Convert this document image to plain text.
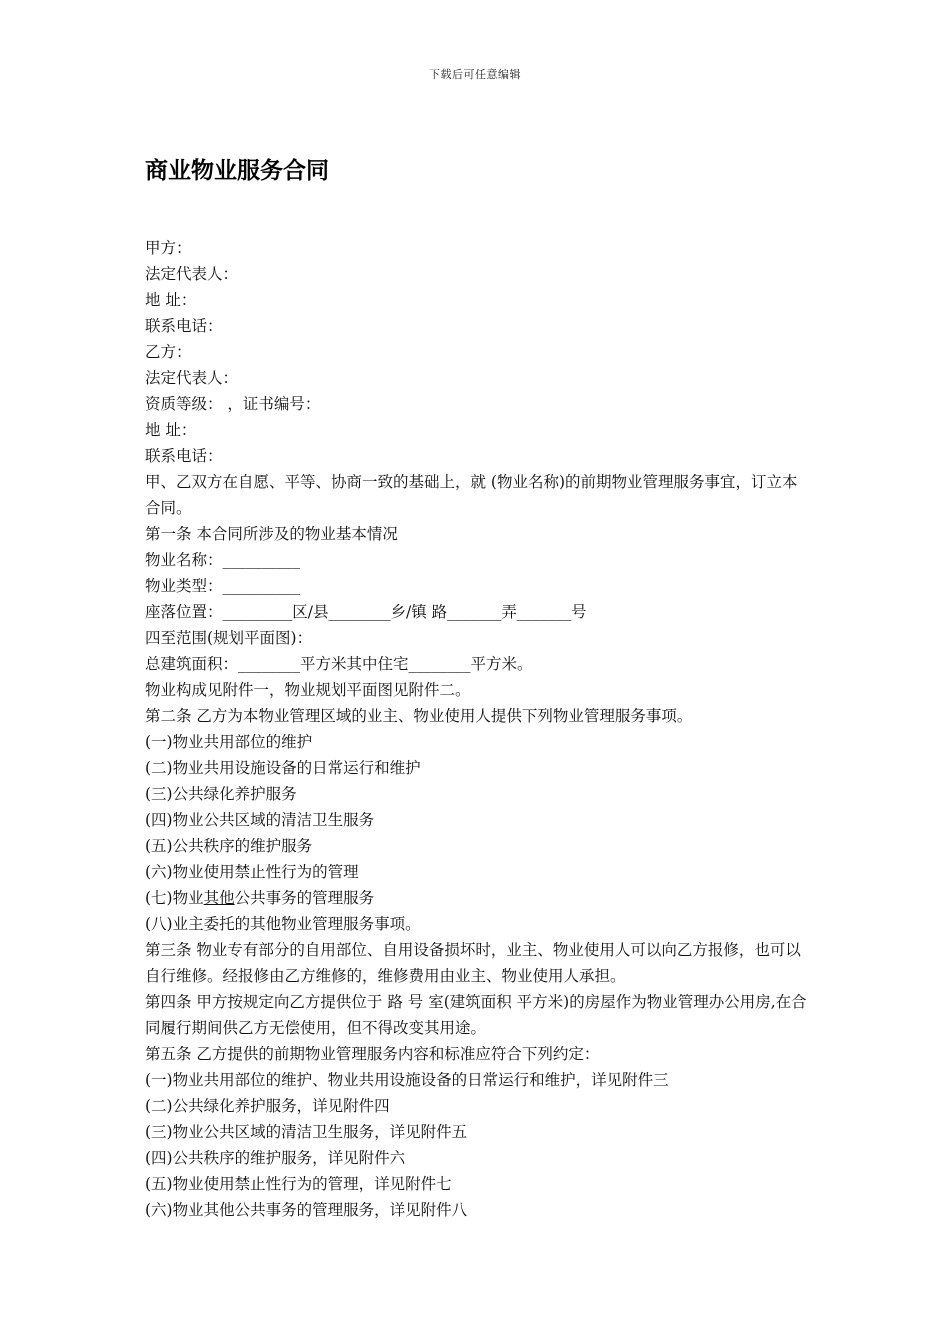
下载后可任意编辑
商业物业服务合同
甲方：
法定代表人：
地 址：
联系电话：
乙方：
法定代表人：
资质等级： ，证书编号：
地 址：
联系电话：
甲、乙双方在自愿、平等、协商一致的基础上，就 (物业名称)的前期物业管理服务事宜，订立本合同。
第一条 本合同所涉及的物业基本情况
物业名称：__________
物业类型：__________
座落位置：_________区/县________乡/镇 路_______弄_______号
四至范围(规划平面图)：
总建筑面积：________平方米其中住宅________平方米。
物业构成见附件一，物业规划平面图见附件二。
第二条 乙方为本物业管理区域的业主、物业使用人提供下列物业管理服务事项。
(一)物业共用部位的维护
(二)物业共用设施设备的日常运行和维护
(三)公共绿化养护服务
(四)物业公共区域的清洁卫生服务
(五)公共秩序的维护服务
(六)物业使用禁止性行为的管理
(七)物业其他公共事务的管理服务
(八)业主委托的其他物业管理服务事项。
第三条 物业专有部分的自用部位、自用设备损坏时，业主、物业使用人可以向乙方报修，也可以自行维修。经报修由乙方维修的，维修费用由业主、物业使用人承担。
第四条 甲方按规定向乙方提供位于 路 号 室(建筑面积 平方米)的房屋作为物业管理办公用房,在合同履行期间供乙方无偿使用，但不得改变其用途。
第五条 乙方提供的前期物业管理服务内容和标准应符合下列约定：
(一)物业共用部位的维护、物业共用设施设备的日常运行和维护，详见附件三
(二)公共绿化养护服务，详见附件四
(三)物业公共区域的清洁卫生服务，详见附件五
(四)公共秩序的维护服务，详见附件六
(五)物业使用禁止性行为的管理，详见附件七
(六)物业其他公共事务的管理服务，详见附件八
